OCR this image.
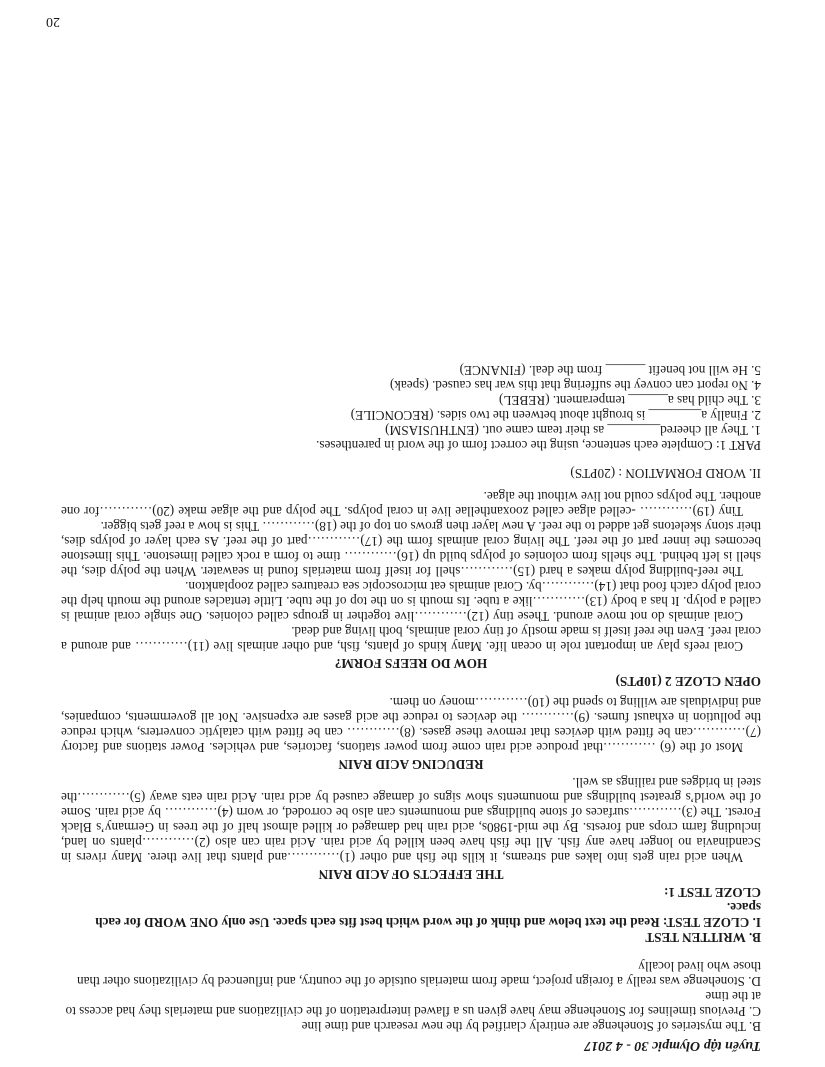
Tuyển tập Olympic 30 - 4 2017

B. The mysteries of Stonehenge are entirely clarified by the new research and time line

C. Previous timelines for Stonehenge may have given us a flawed interpretation of the civilizations and materials they had access to at the time

D. Stonehenge was really a foreign project, made from materials outside of the country, and influenced by civilizations other than those who lived locally

B. WRITTEN TEST

I. CLOZE TEST: Read the text below and think of the word which best fits each space. Use only ONE WORD for each space.

CLOZE TEST 1:

THE EFFECTS OF ACID RAIN

When acid rain gets into lakes and streams, it kills the fish and other (1)…………and plants that live there. Many rivers in Scandinavia no longer have any fish. All the fish have been killed by acid rain. Acid rain can also (2)…………plants on land, including farm crops and forests. By the mid-1980s, acid rain had damaged or killed almost half of the trees in Germany’s Black Forest. The (3)…………surfaces of stone buildings and monuments can also be corroded, or worn (4)………… by acid rain. Some of the world’s greatest buildings and monuments show signs of damage caused by acid rain. Acid rain eats away (5)…………the steel in bridges and railings as well.

REDUCING ACID RAIN

Most of the (6) …………that produce acid rain come from power stations, factories, and vehicles. Power stations and factory (7)…………can be fitted with devices that remove these gases. (8)………… can be fitted with catalytic converters, which reduce the pollution in exhaust fumes. (9)………… the devices to reduce the acid gases are expensive. Not all governments, companies, and individuals are willing to spend the (10)…………money on them.

OPEN CLOZE 2 (10PTS)

HOW DO REEFS FORM?

Coral reefs play an important role in ocean life. Many kinds of plants, fish, and other animals live (11)………… and around a coral reef. Even the reef itself is made mostly of tiny coral animals, both living and dead.

Coral animals do not move around. These tiny (12)…………live together in groups called colonies. One single coral animal is called a polyp. It has a body (13)…………like a tube. Its mouth is on the top of the tube. Little tentacles around the mouth help the coral polyp catch food that (14)…………by. Coral animals eat microscopic sea creatures called zooplankton.

The reef-building polyp makes a hard (15)…………shell for itself from materials found in seawater. When the polyp dies, the shell is left behind. The shells from colonies of polyps build up (16)………… time to form a rock called limestone. This limestone becomes the inner part of the reef. The living coral animals form the (17)…………part of the reef. As each layer of polyps dies, their stony skeletons get added to the reef. A new layer then grows on top of the (18)………… This is how a reef gets bigger.

Tiny (19)………… -celled algae called zooxanthellae live in coral polyps. The polyp and the algae make (20)…………for one another. The polyps could not live without the algae.

II. WORD FORMATION : (20PTS)

PART 1: Complete each sentence, using the correct form of the word in parentheses.

1. They all cheered________ as their team came out. (ENTHUSIASM)

2. Finally a________ is brought about between the two sides. (RECONCILE)

3. The child has a______ temperament. (REBEL)

4. No report can convey the suffering that this war has caused. (speak)

5. He will not benefit ______ from the deal. (FINANCE)

20
